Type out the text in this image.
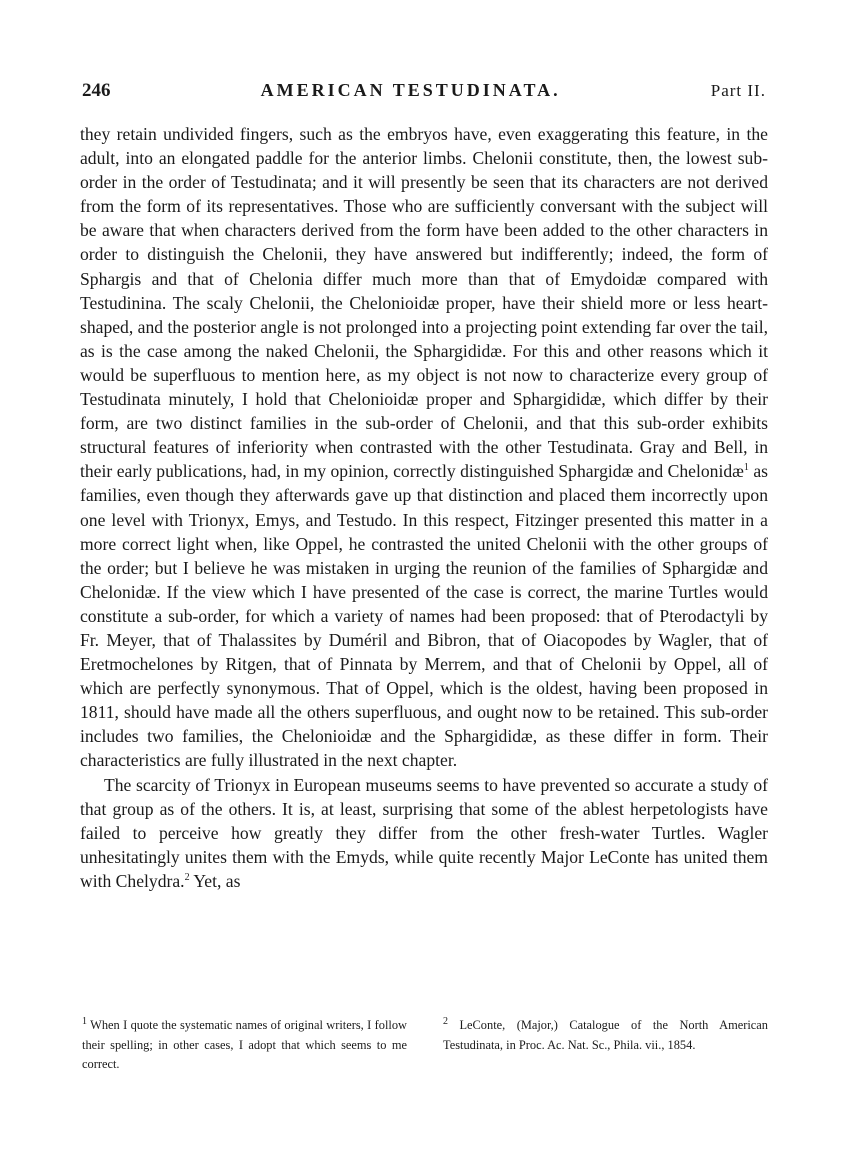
246	AMERICAN TESTUDINATA.	Part II.

they retain undivided fingers, such as the embryos have, even exaggerating this feature, in the adult, into an elongated paddle for the anterior limbs. Chelonii constitute, then, the lowest sub-order in the order of Testudinata; and it will presently be seen that its characters are not derived from the form of its representatives. Those who are sufficiently conversant with the subject will be aware that when characters derived from the form have been added to the other characters in order to distinguish the Chelonii, they have answered but indifferently; indeed, the form of Sphargis and that of Chelonia differ much more than that of Emydoidæ compared with Testudinina. The scaly Chelonii, the Chelonioidæ proper, have their shield more or less heart-shaped, and the posterior angle is not prolonged into a projecting point extending far over the tail, as is the case among the naked Chelonii, the Sphargididæ. For this and other reasons which it would be superfluous to mention here, as my object is not now to characterize every group of Testudinata minutely, I hold that Chelonioidæ proper and Sphargididæ, which differ by their form, are two distinct families in the sub-order of Chelonii, and that this sub-order exhibits structural features of inferiority when contrasted with the other Testudinata. Gray and Bell, in their early publications, had, in my opinion, correctly distinguished Sphargidæ and Chelonidæ$^1$ as families, even though they afterwards gave up that distinction and placed them incorrectly upon one level with Trionyx, Emys, and Testudo. In this respect, Fitzinger presented this matter in a more correct light when, like Oppel, he contrasted the united Chelonii with the other groups of the order; but I believe he was mistaken in urging the reunion of the families of Sphargidæ and Chelonidæ. If the view which I have presented of the case is correct, the marine Turtles would constitute a sub-order, for which a variety of names had been proposed: that of Pterodactyli by Fr. Meyer, that of Thalassites by Duméril and Bibron, that of Oiacopodes by Wagler, that of Eretmochelones by Ritgen, that of Pinnata by Merrem, and that of Chelonii by Oppel, all of which are perfectly synonymous. That of Oppel, which is the oldest, having been proposed in 1811, should have made all the others superfluous, and ought now to be retained. This sub-order includes two families, the Chelonioidæ and the Sphargididæ, as these differ in form. Their characteristics are fully illustrated in the next chapter.

The scarcity of Trionyx in European museums seems to have prevented so accurate a study of that group as of the others. It is, at least, surprising that some of the ablest herpetologists have failed to perceive how greatly they differ from the other fresh-water Turtles. Wagler unhesitatingly unites them with the Emyds, while quite recently Major LeConte has united them with Chelydra.$^2$ Yet, as

$^1$ When I quote the systematic names of original writers, I follow their spelling; in other cases, I adopt that which seems to me correct.
$^2$ LeConte, (Major,) Catalogue of the North American Testudinata, in Proc. Ac. Nat. Sc., Phila. vii., 1854.
